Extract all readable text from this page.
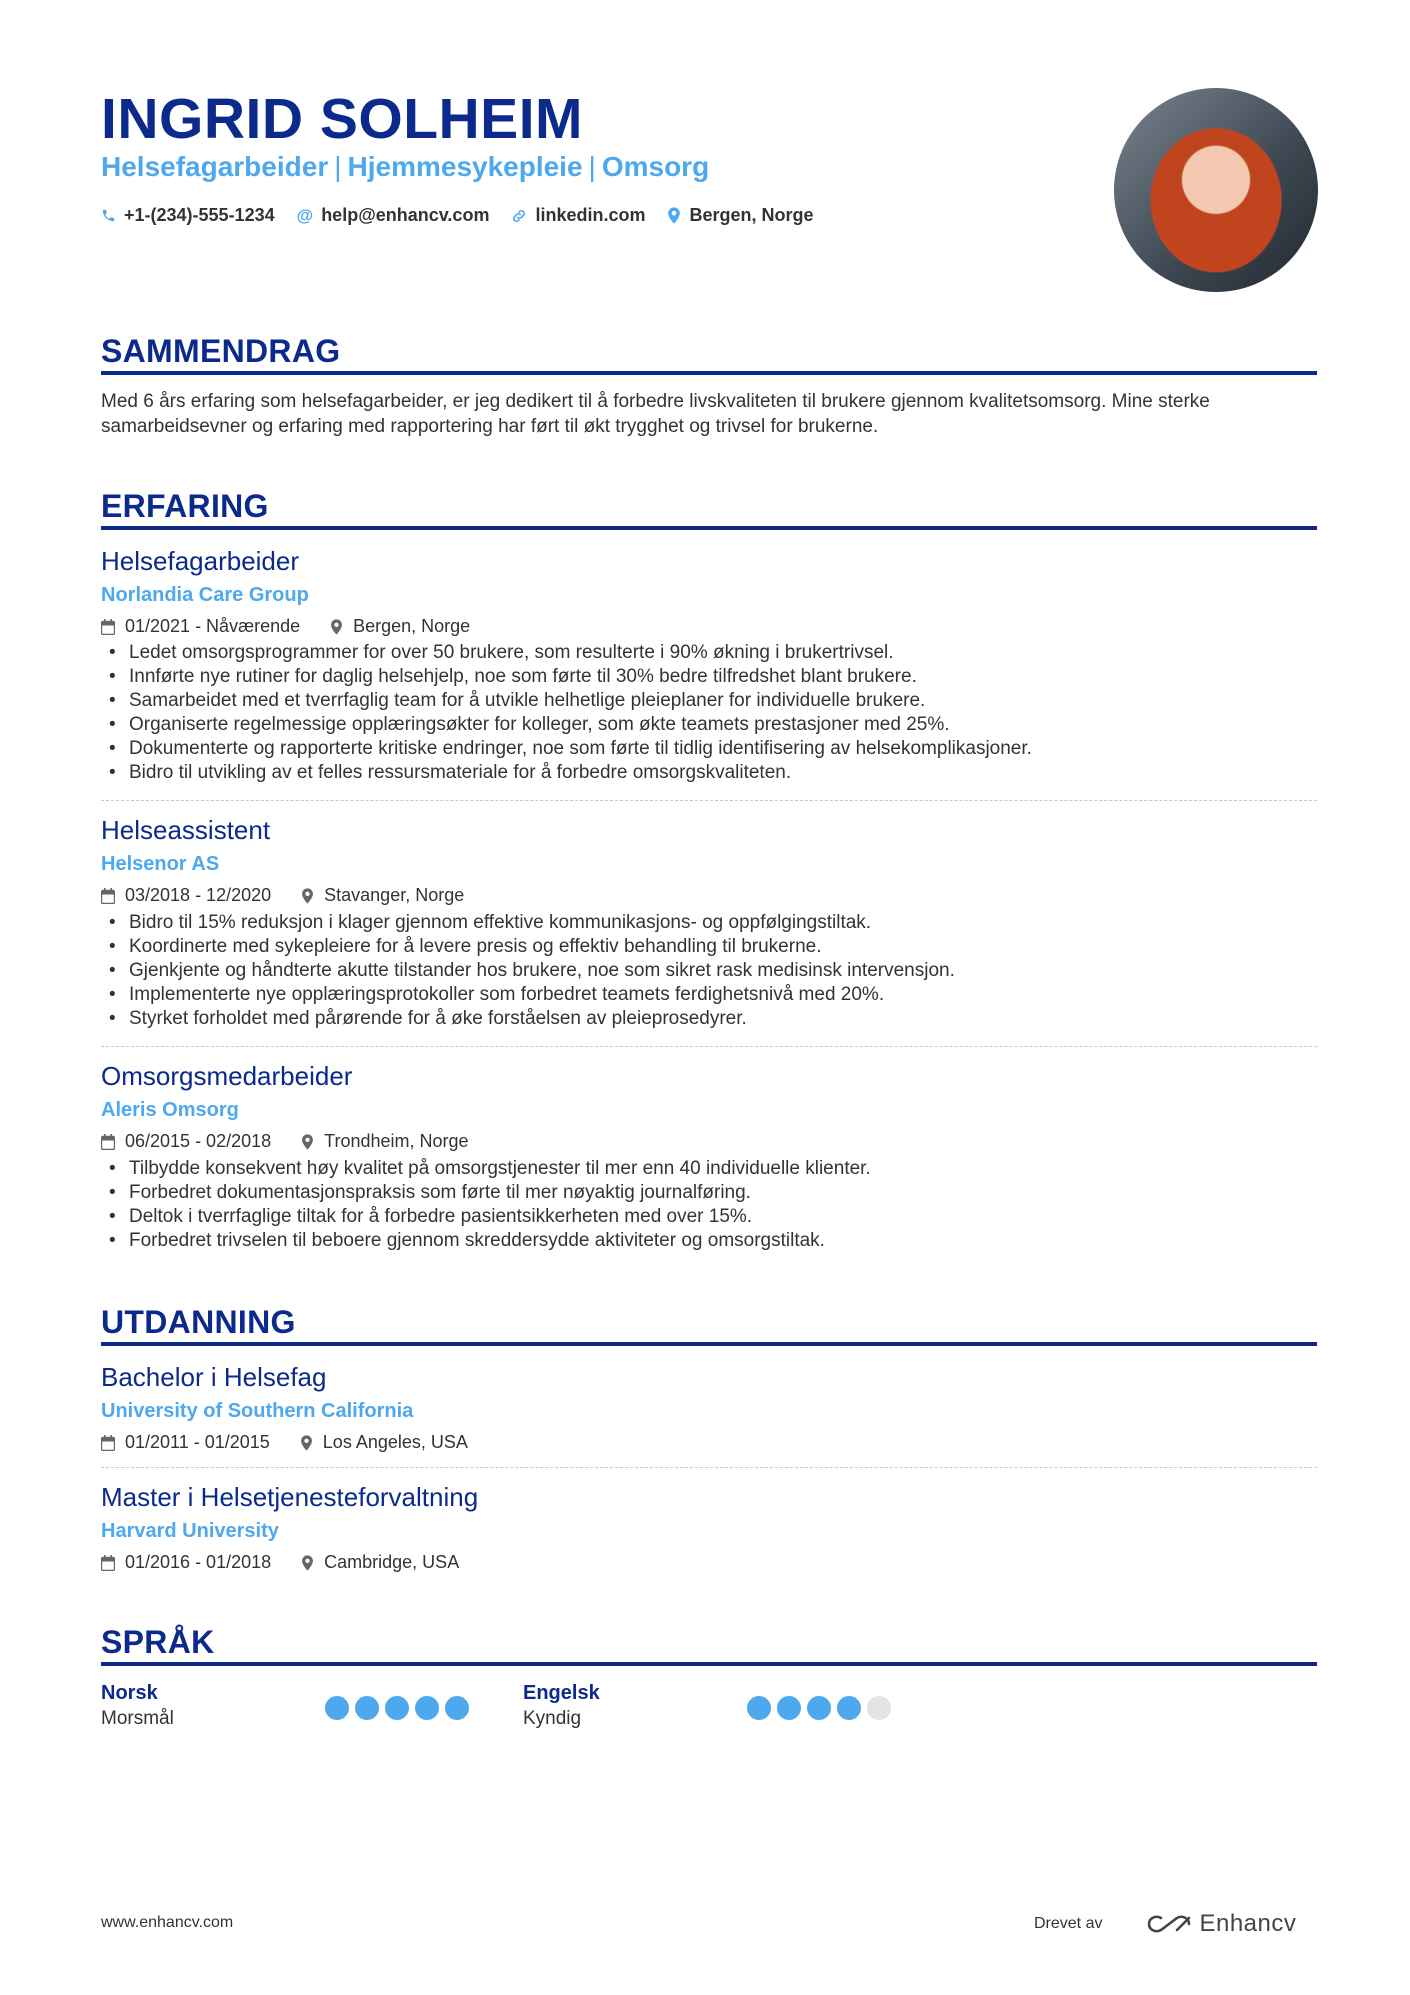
INGRID SOLHEIM
Helsefagarbeider | Hjemmesykepleie | Omsorg
+1-(234)-555-1234 @ help@enhancv.com	linkedin.com Bergen, Norge
SAMMENDRAG
Med 6 års erfaring som helsefagarbeider, er jeg dedikert til å forbedre livskvaliteten til brukere gjennom kvalitetsomsorg. Mine sterke samarbeidsevner og erfaring med rapportering har ført til økt trygghet og trivsel for brukerne.
ERFARING
Helsefagarbeider
Norlandia Care Group
01/2021 - Nåværende	Bergen, Norge
• Ledet omsorgsprogrammer for over 50 brukere, som resulterte i 90% økning i brukertrivsel.
• Innførte nye rutiner for daglig helsehjelp, noe som førte til 30% bedre tilfredshet blant brukere.
• Samarbeidet med et tverrfaglig team for å utvikle helhetlige pleieplaner for individuelle brukere.
• Organiserte regelmessige opplæringsøkter for kolleger, som økte teamets prestasjoner med 25%.
• Dokumenterte og rapporterte kritiske endringer, noe som førte til tidlig identifisering av helsekomplikasjoner.
• Bidro til utvikling av et felles ressursmateriale for å forbedre omsorgskvaliteten.
Helseassistent
Helsenor AS
03/2018 - 12/2020	Stavanger, Norge
• Bidro til 15% reduksjon i klager gjennom effektive kommunikasjons- og oppfølgingstiltak.
• Koordinerte med sykepleiere for å levere presis og effektiv behandling til brukerne.
• Gjenkjente og håndterte akutte tilstander hos brukere, noe som sikret rask medisinsk intervensjon.
• Implementerte nye opplæringsprotokoller som forbedret teamets ferdighetsnivå med 20%.
• Styrket forholdet med pårørende for å øke forståelsen av pleieprosedyrer.
Omsorgsmedarbeider
Aleris Omsorg
06/2015 - 02/2018	Trondheim, Norge
• Tilbydde konsekvent høy kvalitet på omsorgstjenester til mer enn 40 individuelle klienter.
• Forbedret dokumentasjonspraksis som førte til mer nøyaktig journalføring.
• Deltok i tverrfaglige tiltak for å forbedre pasientsikkerheten med over 15%.
• Forbedret trivselen til beboere gjennom skreddersydde aktiviteter og omsorgstiltak.
UTDANNING
Bachelor i Helsefag
University of Southern California
01/2011 - 01/2015	Los Angeles, USA
Master i Helsetjenesteforvaltning
Harvard University
01/2016 - 01/2018	Cambridge, USA
SPRÅK
Norsk
Morsmål
Engelsk
Kyndig
www.enhancv.com	Drevet av	Enhancv
